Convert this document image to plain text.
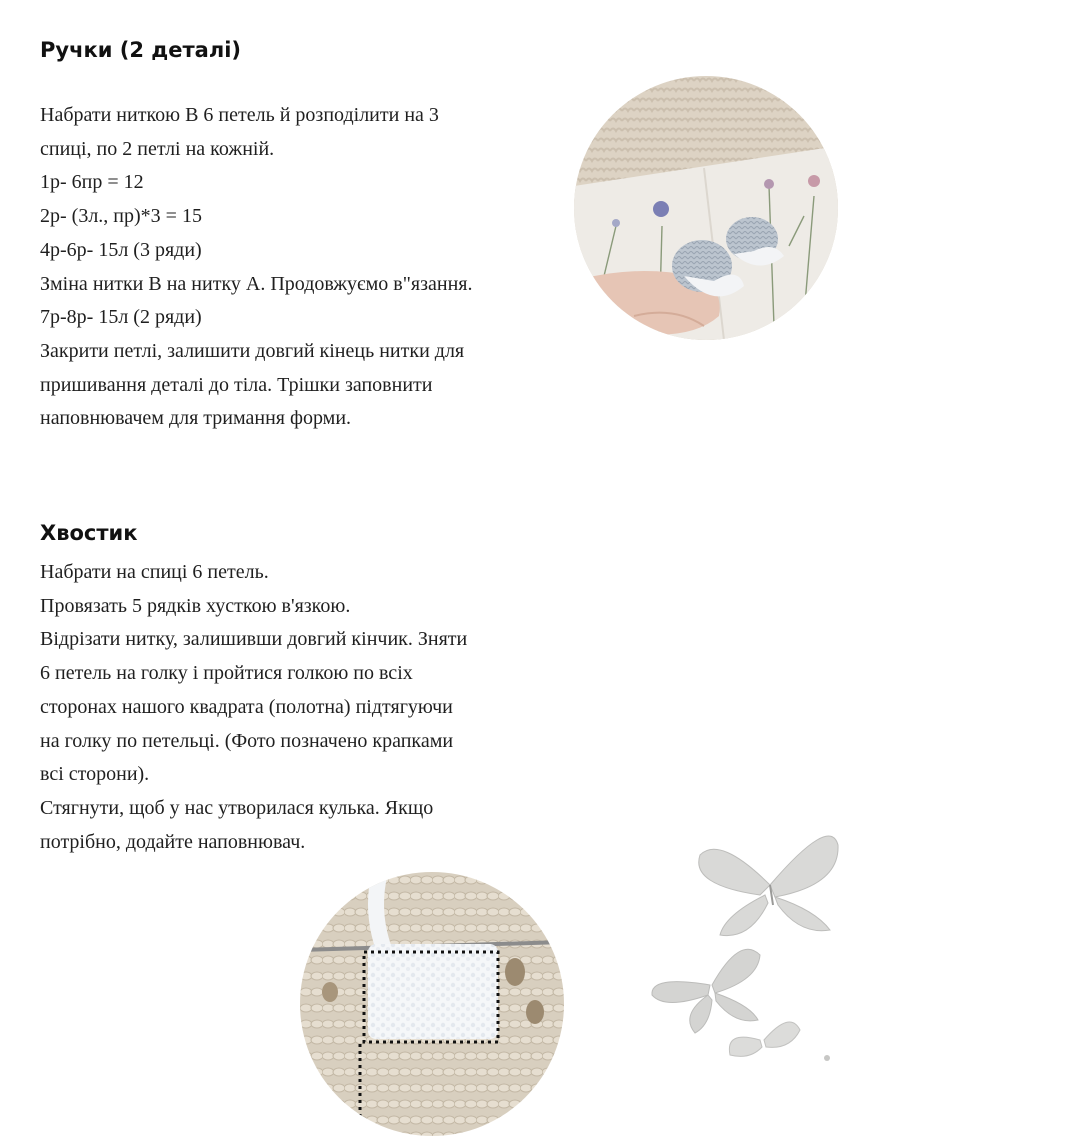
Ручки (2 деталі)
Набрати ниткою В 6 петель й розподілити на 3
спиці, по 2 петлі на кожній.
1р- 6пр = 12
2р- (3л., пр)*3 = 15
4р-6р- 15л (3 ряди)
Зміна нитки В на нитку А. Продовжуємо в"язання.
7р-8р- 15л (2 ряди)
Закрити петлі, залишити довгий кінець нитки для
пришивання деталі до тіла. Трішки заповнити
наповнювачем для тримання форми.
Хвостик
Набрати на спиці 6 петель.
Провязать 5 рядків хусткою в'язкою.
Відрізати нитку, залишивши довгий кінчик. Зняти
6 петель на голку і пройтися голкою по всіх
сторонах нашого квадрата (полотна) підтягуючи
на голку по петельці. (Фото позначено крапками
всі сторони).
Стягнути, щоб у нас утворилася кулька. Якщо
потрібно, додайте наповнювач.
